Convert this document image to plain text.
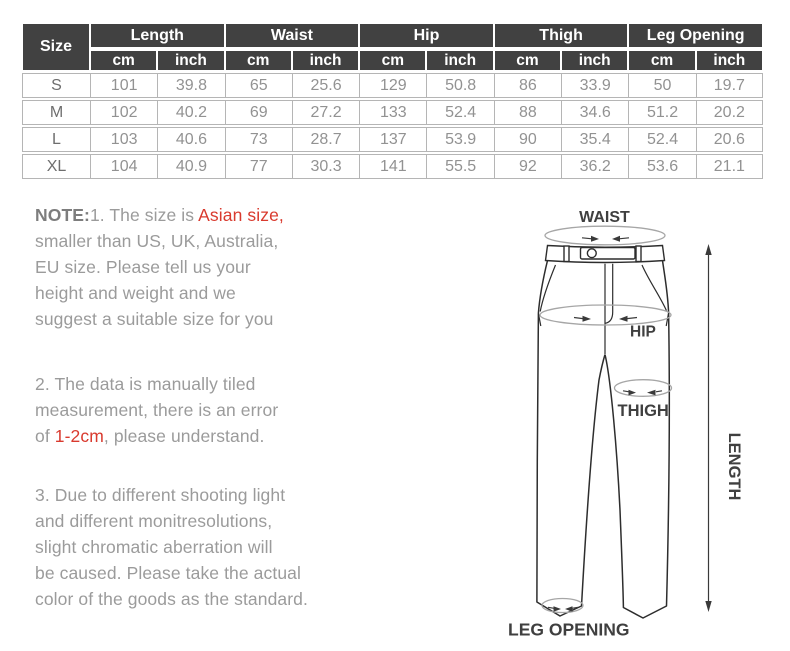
Size	Length		Waist		Hip		Thigh		Leg Opening	
	cm	inch	cm	inch	cm	inch	cm	inch	cm	inch
S	101	39.8	65	25.6	129	50.8	86	33.9	50	19.7
M	102	40.2	69	27.2	133	52.4	88	34.6	51.2	20.2
L	103	40.6	73	28.7	137	53.9	90	35.4	52.4	20.6
XL	104	40.9	77	30.3	141	55.5	92	36.2	53.6	21.1
NOTE:1. The size is Asian size,
smaller than US, UK, Australia,
EU size. Please tell us your
height and weight and we
suggest a suitable size for you
2. The data is manually tiled
measurement, there is an error
of 1-2cm, please understand.
3. Due to different shooting light
and different monitresolutions,
slight chromatic aberration will
be caused. Please take the actual
color of the goods as the standard.
WAIST
HIP
THIGH
LEG OPENING
LENGTH
